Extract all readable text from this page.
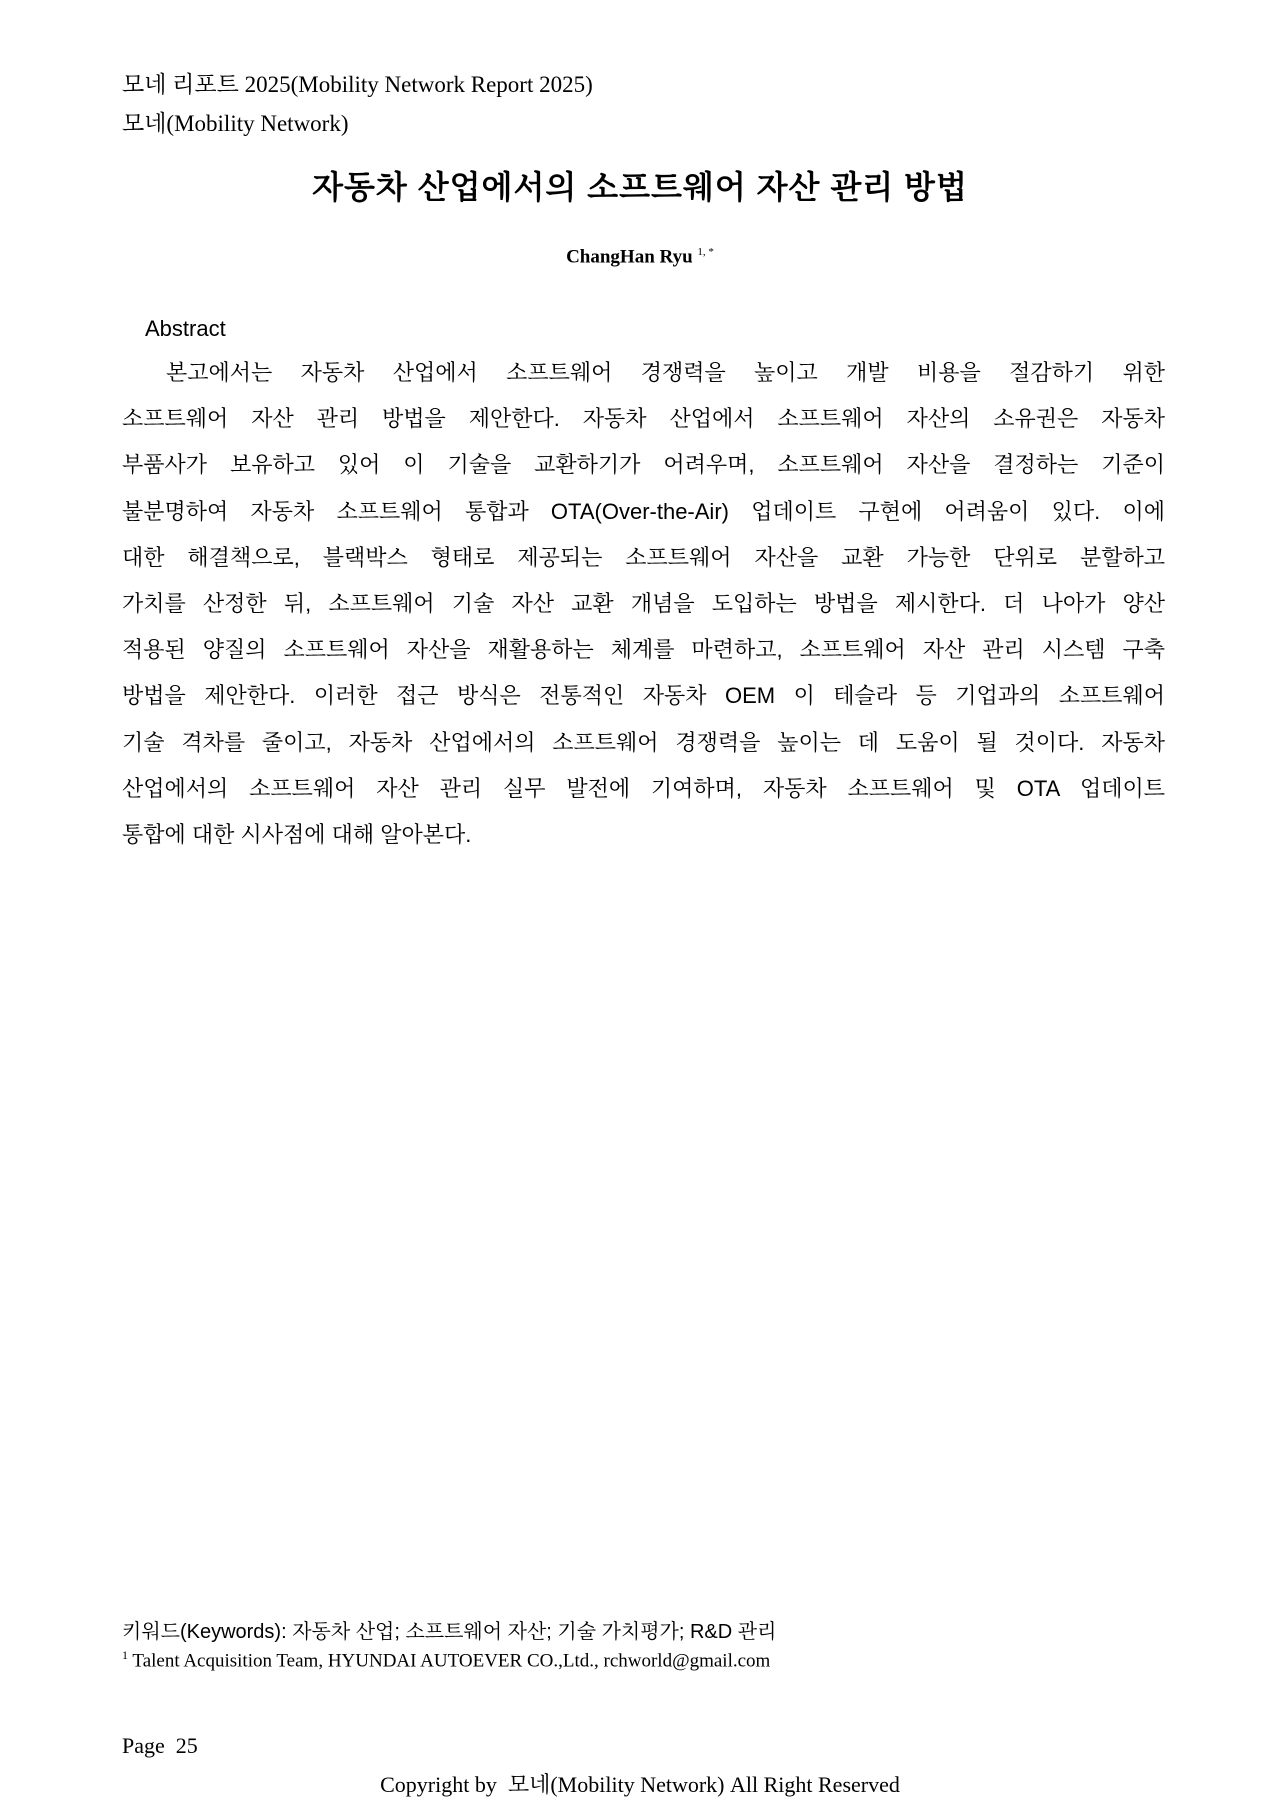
모네 리포트 2025(Mobility Network Report 2025)
모네(Mobility Network)
자동차 산업에서의 소프트웨어 자산 관리 방법
ChangHan Ryu $^{1, *}$
Abstract
본고에서는 자동차 산업에서 소프트웨어 경쟁력을 높이고 개발 비용을 절감하기 위한
소프트웨어 자산 관리 방법을 제안한다. 자동차 산업에서 소프트웨어 자산의 소유권은 자동차
부품사가 보유하고 있어 이 기술을 교환하기가 어려우며, 소프트웨어 자산을 결정하는 기준이
불분명하여 자동차 소프트웨어 통합과 OTA(Over-the-Air) 업데이트 구현에 어려움이 있다. 이에
대한 해결책으로, 블랙박스 형태로 제공되는 소프트웨어 자산을 교환 가능한 단위로 분할하고
가치를 산정한 뒤, 소프트웨어 기술 자산 교환 개념을 도입하는 방법을 제시한다. 더 나아가 양산
적용된 양질의 소프트웨어 자산을 재활용하는 체계를 마련하고, 소프트웨어 자산 관리 시스템 구축
방법을 제안한다. 이러한 접근 방식은 전통적인 자동차 OEM 이 테슬라 등 기업과의 소프트웨어
기술 격차를 줄이고, 자동차 산업에서의 소프트웨어 경쟁력을 높이는 데 도움이 될 것이다. 자동차
산업에서의 소프트웨어 자산 관리 실무 발전에 기여하며, 자동차 소프트웨어 및 OTA 업데이트
통합에 대한 시사점에 대해 알아본다.
키워드(Keywords): 자동차 산업; 소프트웨어 자산; 기술 가치평가; R&D 관리
$^1$ Talent Acquisition Team, HYUNDAI AUTOEVER CO.,Ltd., rchworld@gmail.com
Page  25
Copyright by  모네(Mobility Network) All Right Reserved
